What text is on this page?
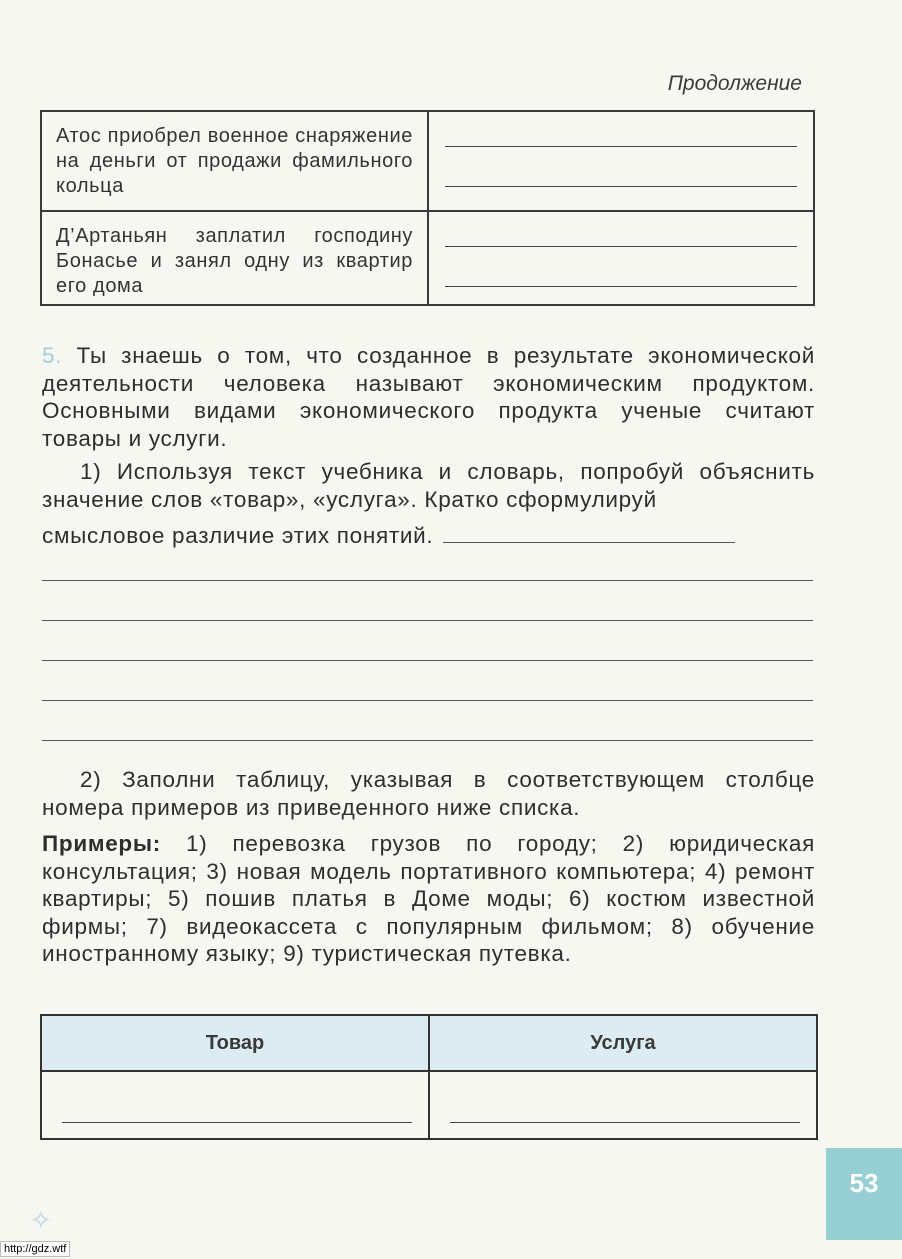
Продолжение
Атос приобрел военное снаряжение на деньги от продажи фамильного кольца
Д’Артаньян заплатил господину Бонасье и занял одну из квартир его дома
5. Ты знаешь о том, что созданное в результате экономической деятельности человека называют экономическим продуктом. Основными видами экономического продукта ученые считают товары и услуги.
1) Используя текст учебника и словарь, попробуй объяснить значение слов «товар», «услуга». Кратко сформулируй
смысловое различие этих понятий.
2) Заполни таблицу, указывая в соответствующем столбце номера примеров из приведенного ниже списка.
Примеры: 1) перевозка грузов по городу; 2) юридическая консультация; 3) новая модель портативного компьютера; 4) ремонт квартиры; 5) пошив платья в Доме моды; 6) костюм известной фирмы; 7) видеокассета с популярным фильмом; 8) обучение иностранному языку; 9) туристическая путевка.
Товар	Услуга
✧
53
http://gdz.wtf
